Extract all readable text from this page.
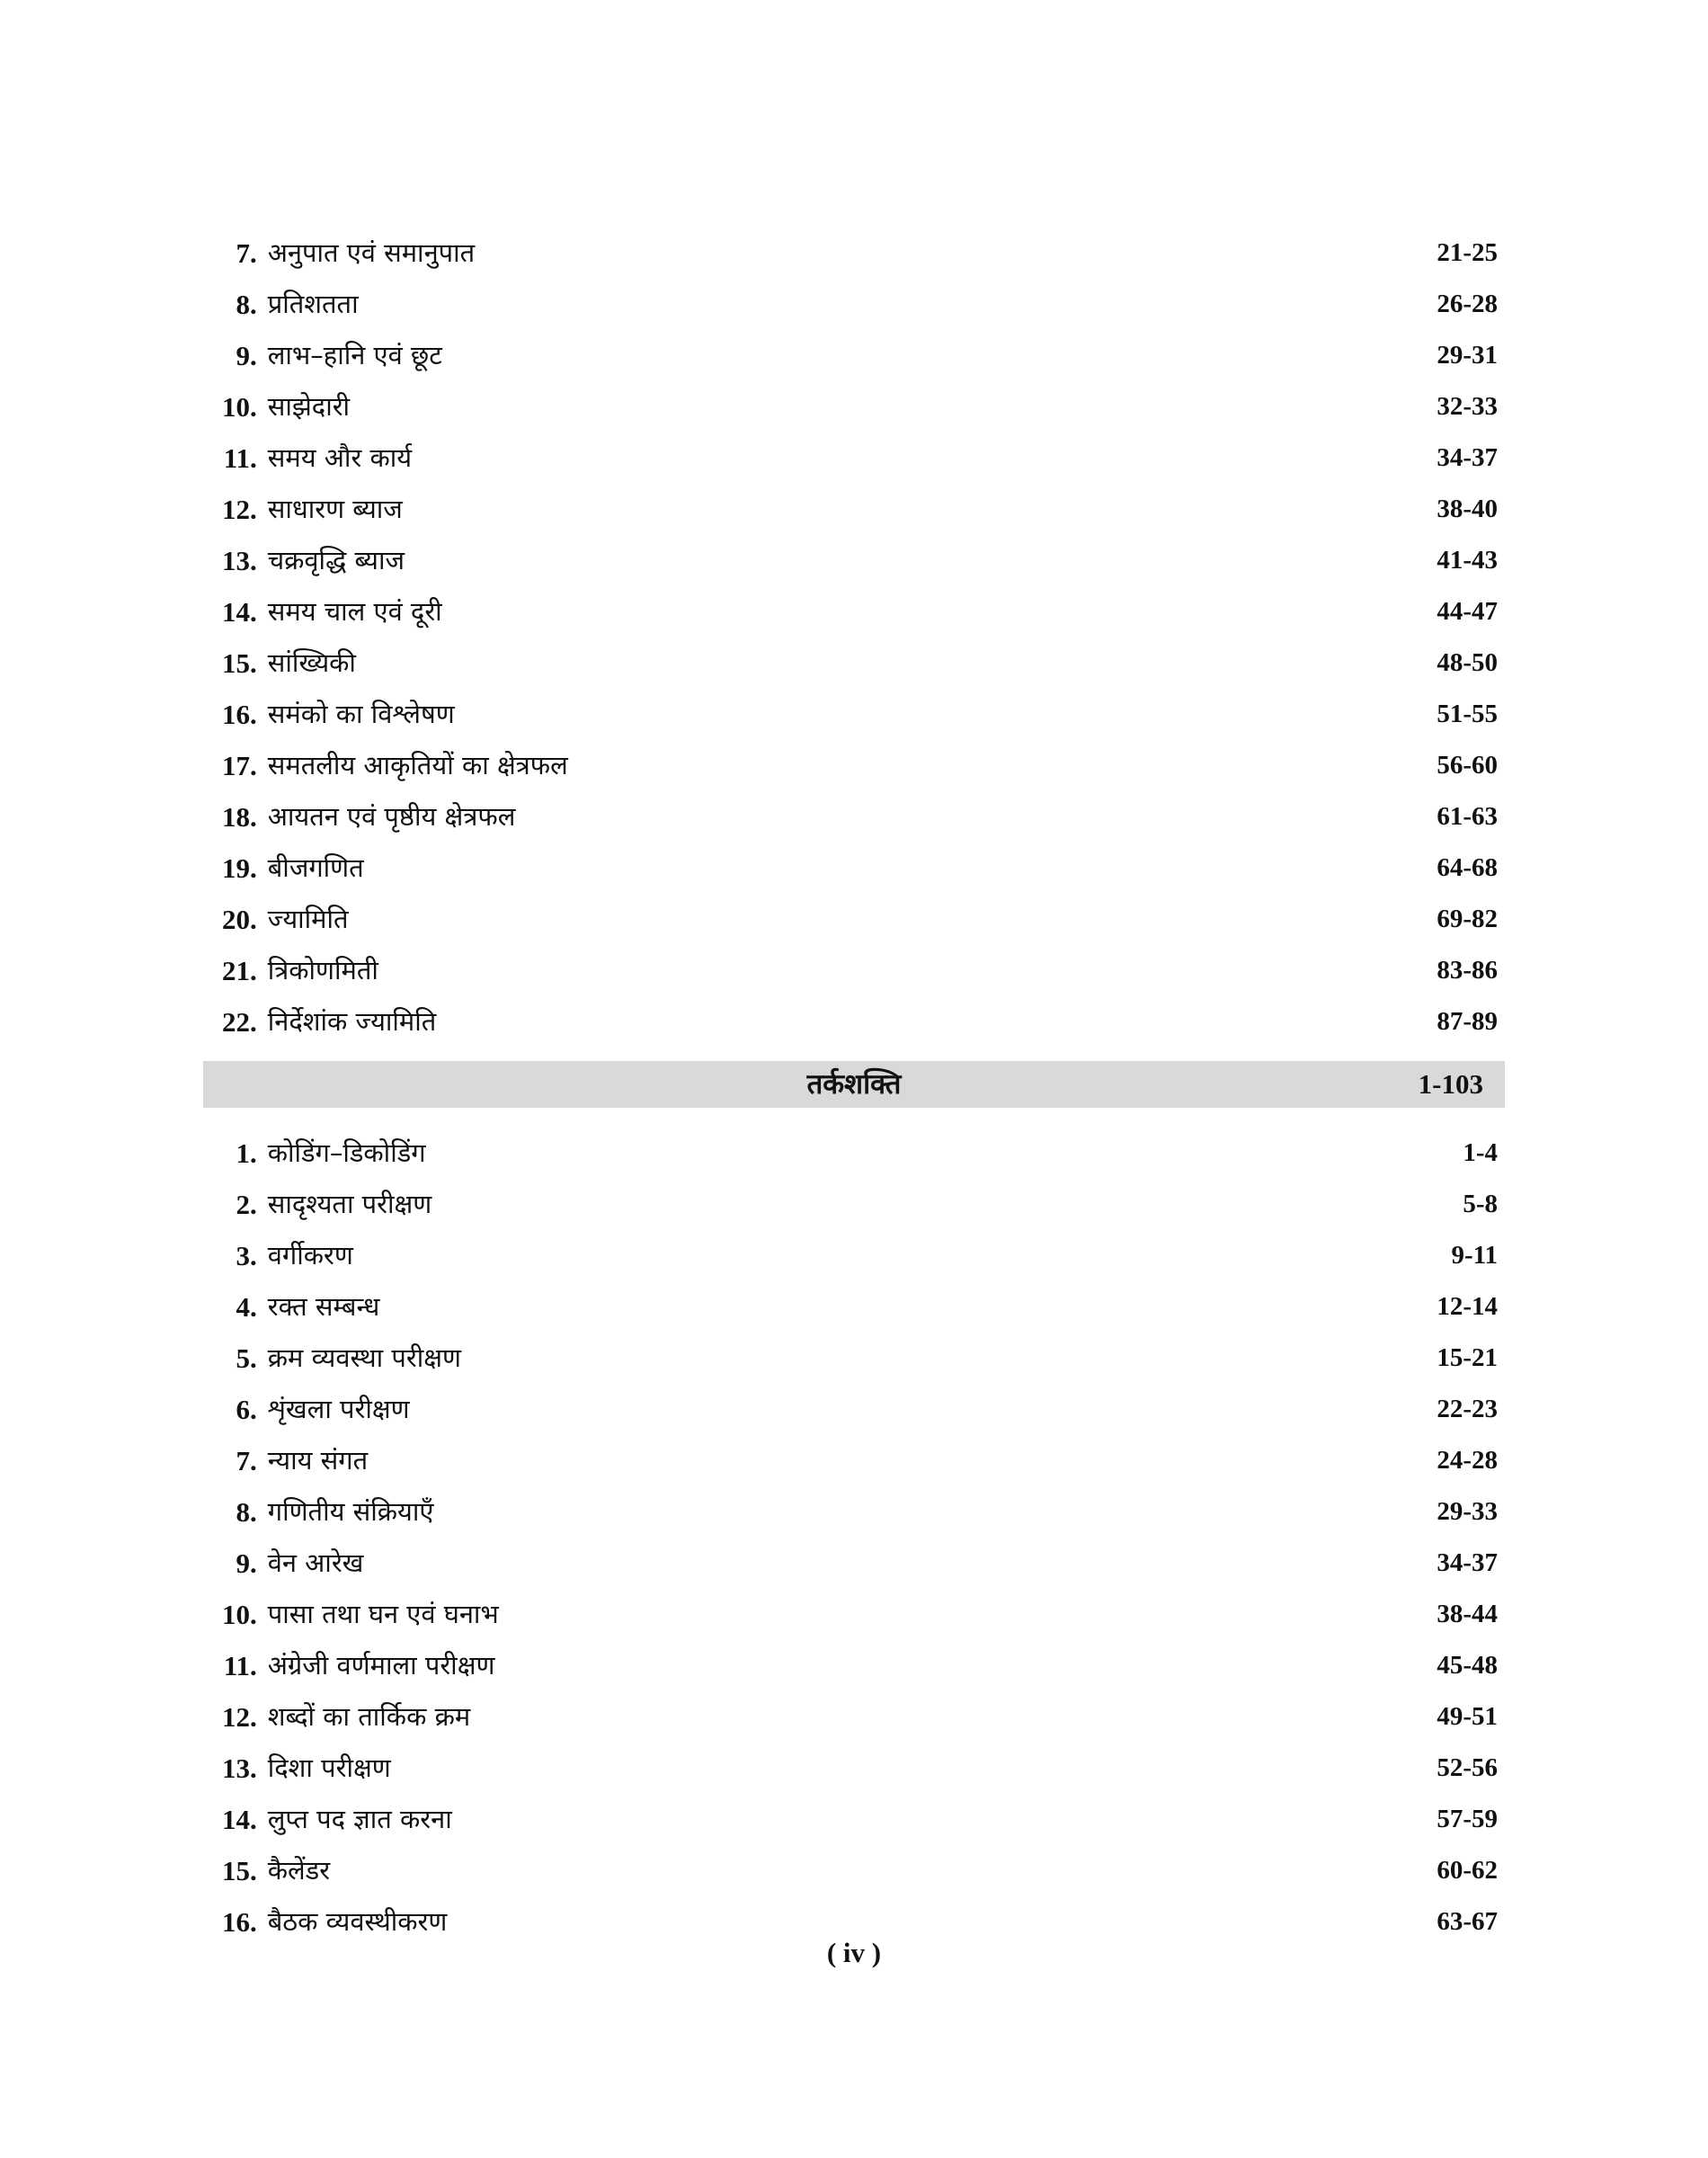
7 . अनुपात एवं समानुपात	21-25
8 . प्रतिशतता	26-28
9 . लाभ–हानि एवं छूट	29-31
10 . साझेदारी	32-33
11 . समय और कार्य	34-37
12 . साधारण ब्याज	38-40
13 . चक्रवृद्धि ब्याज	41-43
14 . समय चाल एवं दूरी	44-47
15 . सांख्यिकी	48-50
16 . समंको का विश्लेषण	51-55
17 . समतलीय आकृतियों का क्षेत्रफल	56-60
18 . आयतन एवं पृष्ठीय क्षेत्रफल	61-63
19 . बीजगणित	64-68
20 . ज्यामिति	69-82
21 . त्रिकोणमिती	83-86
22 . निर्देशांक ज्यामिति	87-89
तर्कशक्ति	1-103
1 . कोडिंग–डिकोडिंग	1-4
2 . सादृश्यता परीक्षण	5-8
3 . वर्गीकरण	9-11
4 . रक्त सम्बन्ध	12-14
5 . क्रम व्यवस्था परीक्षण	15-21
6 . शृंखला परीक्षण	22-23
7 . न्याय संगत	24-28
8 . गणितीय संक्रियाएँ	29-33
9 . वेन आरेख	34-37
10 . पासा तथा घन एवं घनाभ	38-44
11 . अंग्रेजी वर्णमाला परीक्षण	45-48
12 . शब्दों का तार्किक क्रम	49-51
13 . दिशा परीक्षण	52-56
14 . लुप्त पद ज्ञात करना	57-59
15 . कैलेंडर	60-62
16 . बैठक व्यवस्थीकरण	63-67
( iv )
